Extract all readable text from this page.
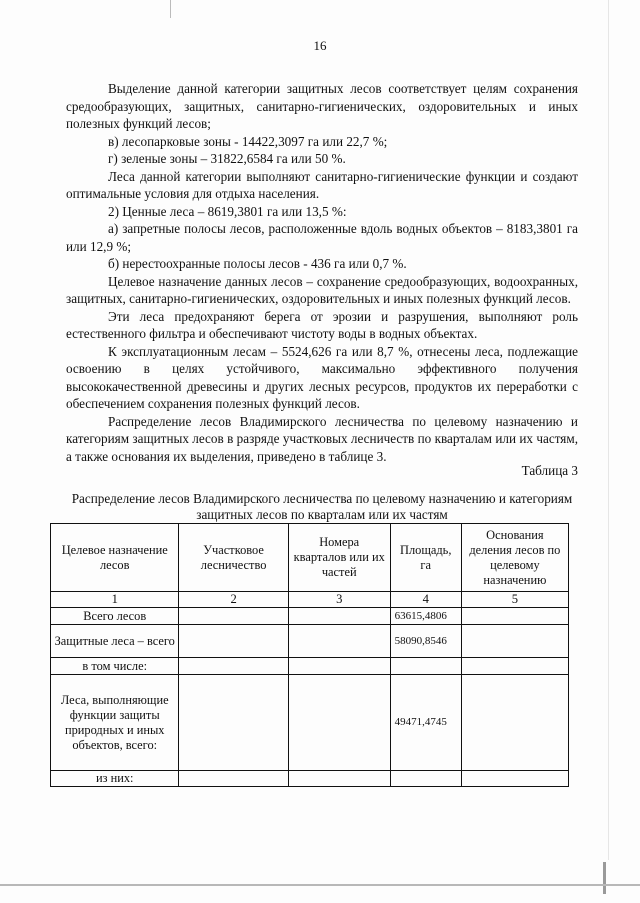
16

Выделение данной категории защитных лесов соответствует целям сохранения средообразующих, защитных, санитарно-гигиенических, оздоровительных и иных полезных функций лесов;

в) лесопарковые зоны - 14422,3097 га или 22,7 %;

г) зеленые зоны – 31822,6584 га или 50 %.

Леса данной категории выполняют санитарно-гигиенические функции и создают оптимальные условия для отдыха населения.

2) Ценные леса – 8619,3801 га или 13,5 %:

а) запретные полосы лесов, расположенные вдоль водных объектов – 8183,3801 га или 12,9 %;

б) нерестоохранные полосы лесов - 436 га или 0,7 %.

Целевое назначение данных лесов – сохранение средообразующих, водоохранных, защитных, санитарно-гигиенических, оздоровительных и иных полезных функций лесов.

Эти леса предохраняют берега от эрозии и разрушения, выполняют роль естественного фильтра и обеспечивают чистоту воды в водных объектах.

К эксплуатационным лесам – 5524,626 га или 8,7 %, отнесены леса, подлежащие освоению в целях устойчивого, максимально эффективного получения высококачественной древесины и других лесных ресурсов, продуктов их переработки с обеспечением сохранения полезных функций лесов.

Распределение лесов Владимирского лесничества по целевому назначению и категориям защитных лесов в разряде участковых лесничеств по кварталам или их частям, а также основания их выделения, приведено в таблице 3.

Таблица 3
Распределение лесов Владимирского лесничества по целевому назначению и категориям защитных лесов по кварталам или их частям
Целевое назначение лесов	Участковое лесничество	Номера кварталов или их частей	Площадь, га	Основания деления лесов по целевому назначению
1	2	3	4	5
Всего лесов			63615,4806	
Защитные леса – всего			58090,8546	
в том числе:				
Леса, выполняющие функции защиты природных и иных объектов, всего:			49471,4745	
из них:				
